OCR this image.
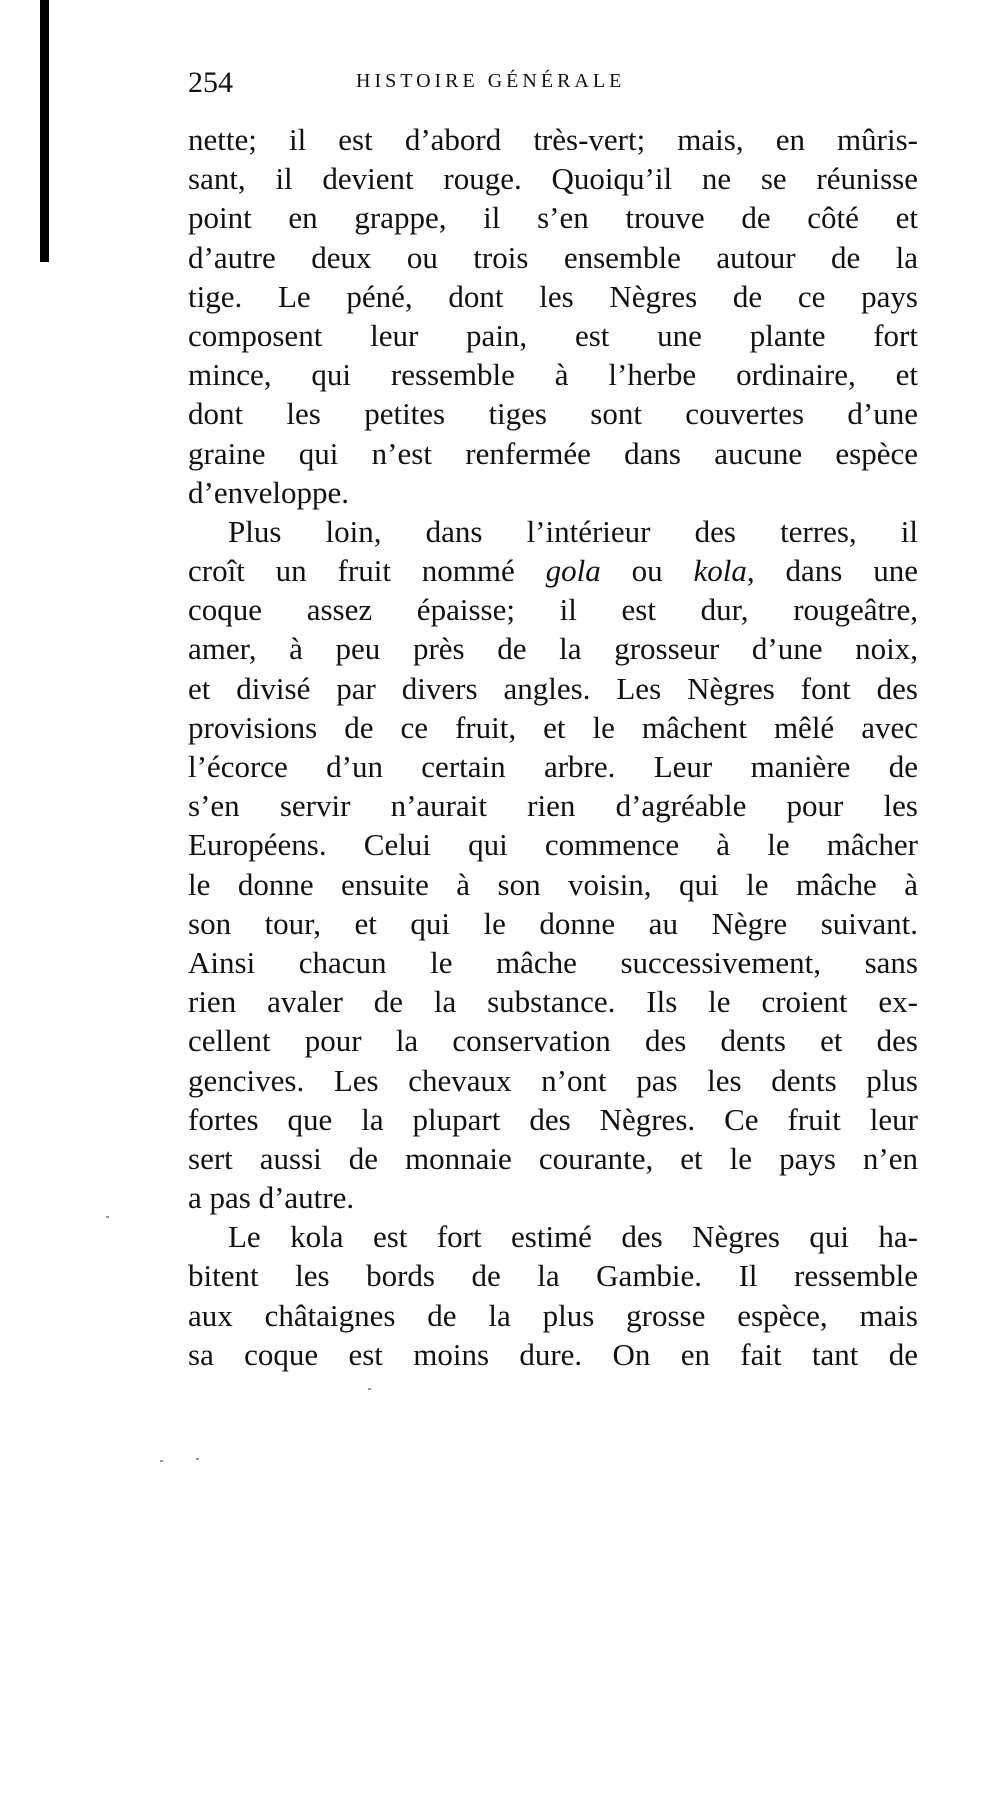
254	HISTOIRE GÉNÉRALE
nette; il est d’abord très-vert; mais, en mûris-
sant, il devient rouge. Quoiqu’il ne se réunisse
point en grappe, il s’en trouve de côté et
d’autre deux ou trois ensemble autour de la
tige. Le péné, dont les Nègres de ce pays
composent leur pain, est une plante fort
mince, qui ressemble à l’herbe ordinaire, et
dont les petites tiges sont couvertes d’une
graine qui n’est renfermée dans aucune espèce
d’enveloppe.
Plus loin, dans l’intérieur des terres, il
croît un fruit nommé gola ou kola, dans une
coque assez épaisse; il est dur, rougeâtre,
amer, à peu près de la grosseur d’une noix,
et divisé par divers angles. Les Nègres font des
provisions de ce fruit, et le mâchent mêlé avec
l’écorce d’un certain arbre. Leur manière de
s’en servir n’aurait rien d’agréable pour les
Européens. Celui qui commence à le mâcher
le donne ensuite à son voisin, qui le mâche à
son tour, et qui le donne au Nègre suivant.
Ainsi chacun le mâche successivement, sans
rien avaler de la substance. Ils le croient ex-
cellent pour la conservation des dents et des
gencives. Les chevaux n’ont pas les dents plus
fortes que la plupart des Nègres. Ce fruit leur
sert aussi de monnaie courante, et le pays n’en
a pas d’autre.
Le kola est fort estimé des Nègres qui ha-
bitent les bords de la Gambie. Il ressemble
aux châtaignes de la plus grosse espèce, mais
sa coque est moins dure. On en fait tant de
